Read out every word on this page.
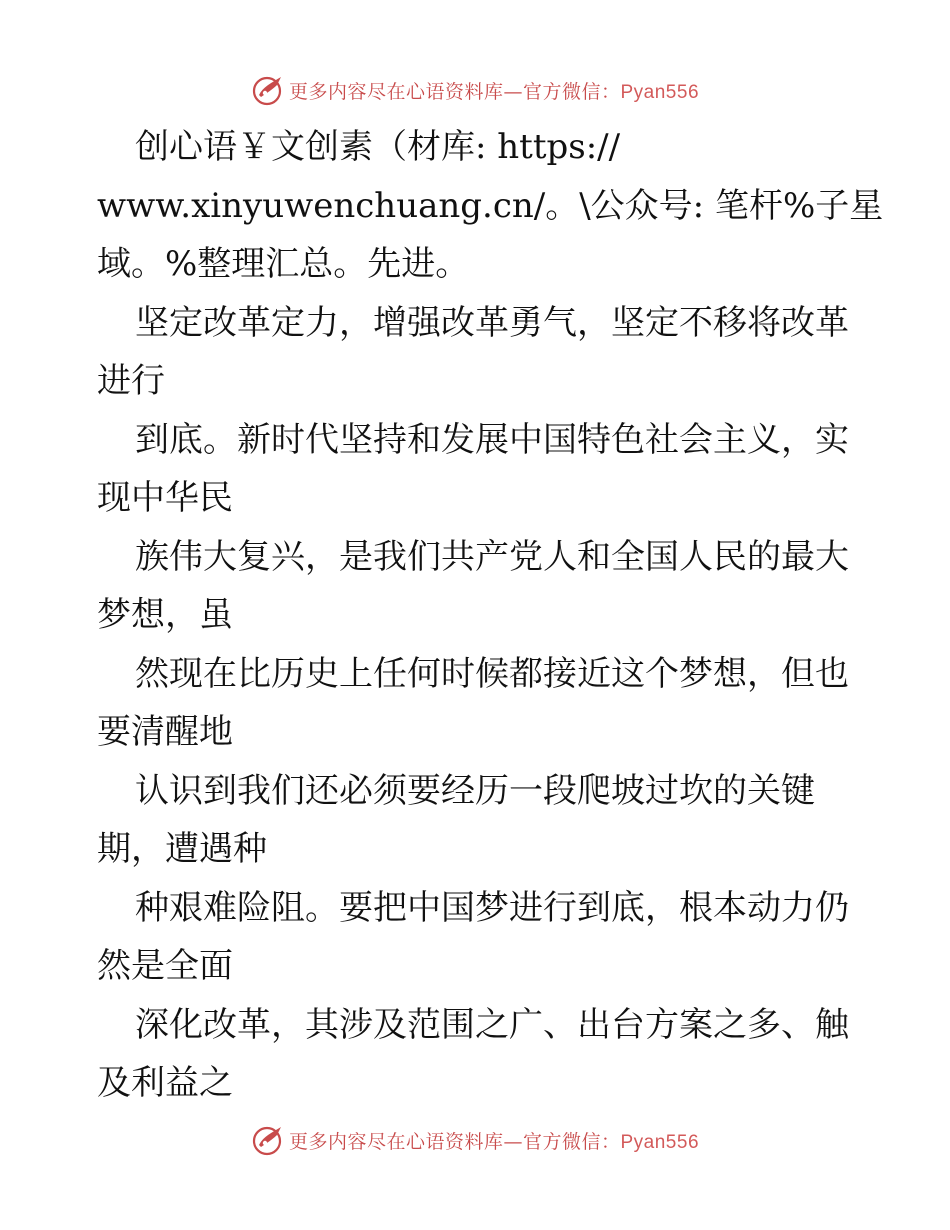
更多内容尽在心语资料库—官方微信：Pyan556
创心语￥文创素（材库: https://
www.xinyuwenchuang.cn/。\公众号: 笔杆%子星
域。%整理汇总。先进。
坚定改革定力，增强改革勇气，坚定不移将改革
进行
到底。新时代坚持和发展中国特色社会主义，实
现中华民
族伟大复兴，是我们共产党人和全国人民的最大
梦想，虽
然现在比历史上任何时候都接近这个梦想，但也
要清醒地
认识到我们还必须要经历一段爬坡过坎的关键
期，遭遇种
种艰难险阻。要把中国梦进行到底，根本动力仍
然是全面
深化改革，其涉及范围之广、出台方案之多、触
及利益之
更多内容尽在心语资料库—官方微信：Pyan556
